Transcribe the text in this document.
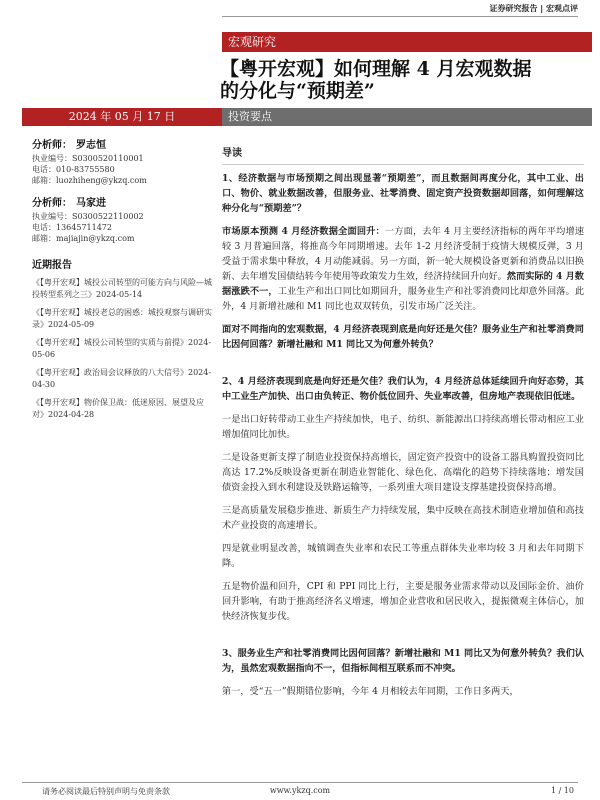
证券研究报告 | 宏观点评
宏观研究
【粤开宏观】如何理解 4 月宏观数据
的分化与“预期差”
2024 年 05 月 17 日	投资要点
分析师： 罗志恒
执业编号：S0300520110001
电话：010-83755580
邮箱：luozhiheng@ykzq.com
分析师： 马家进
执业编号：S0300522110002
电话：13645711472
邮箱：majiajin@ykzq.com
近期报告
《【粤开宏观】城投公司转型的可能方向与风险—城投转型系列之三》2024-05-14
《【粤开宏观】城投老总的困惑：城投观察与调研实录》2024-05-09
《【粤开宏观】城投公司转型的实质与前提》2024-05-06
《【粤开宏观】政治局会议释放的八大信号》2024-04-30
《【粤开宏观】物价保卫战：低迷原因、展望及应对》2024-04-28
导读

1、经济数据与市场预期之间出现显著“预期差”，而且数据间再度分化，其中工业、出口、物价、就业数据改善，但服务业、社零消费、固定资产投资数据却回落，如何理解这种分化与“预期差”？

市场原本预测 4 月经济数据全面回升：一方面，去年 4 月主要经济指标的两年平均增速较 3 月普遍回落，将推高今年同期增速。去年 1-2 月经济受制于疫情大规模反弹，3 月受益于需求集中释放，4 月动能减弱。另一方面，新一轮大规模设备更新和消费品以旧换新、去年增发国债结转今年使用等政策发力生效，经济持续回升向好。然而实际的 4 月数据涨跌不一，工业生产和出口同比如期回升，服务业生产和社零消费同比却意外回落。此外，4 月新增社融和 M1 同比也双双转负，引发市场广泛关注。

面对不同指向的宏观数据，4 月经济表现到底是向好还是欠佳？服务业生产和社零消费同比因何回落？新增社融和 M1 同比又为何意外转负？

2、4 月经济表现到底是向好还是欠佳？我们认为，4 月经济总体延续回升向好态势，其中工业生产加快、出口由负转正、物价低位回升、失业率改善，但房地产表现依旧低迷。

一是出口好转带动工业生产持续加快，电子、纺织、新能源出口持续高增长带动相应工业增加值同比加快。

二是设备更新支撑了制造业投资保持高增长，固定资产投资中的设备工器具购置投资同比高达 17.2%反映设备更新在制造业智能化、绿色化、高端化的趋势下持续落地；增发国债资金投入到水利建设及铁路运输等，一系列重大项目建设支撑基建投资保持高增。

三是高质量发展稳步推进、新质生产力持续发展，集中反映在高技术制造业增加值和高技术产业投资的高速增长。

四是就业明显改善，城镇调查失业率和农民工等重点群体失业率均较 3 月和去年同期下降。

五是物价温和回升，CPI 和 PPI 同比上行，主要是服务业需求带动以及国际金价、油价回升影响，有助于推高经济名义增速，增加企业营收和居民收入，提振微观主体信心，加快经济恢复步伐。

3、服务业生产和社零消费同比因何回落？新增社融和 M1 同比又为何意外转负？我们认为，虽然宏观数据指向不一，但指标间相互联系而不冲突。

第一，受“五一”假期错位影响，今年 4 月相较去年同期，工作日多两天，

请务必阅读最后特别声明与免责条款	www.ykzq.com	1 / 10
